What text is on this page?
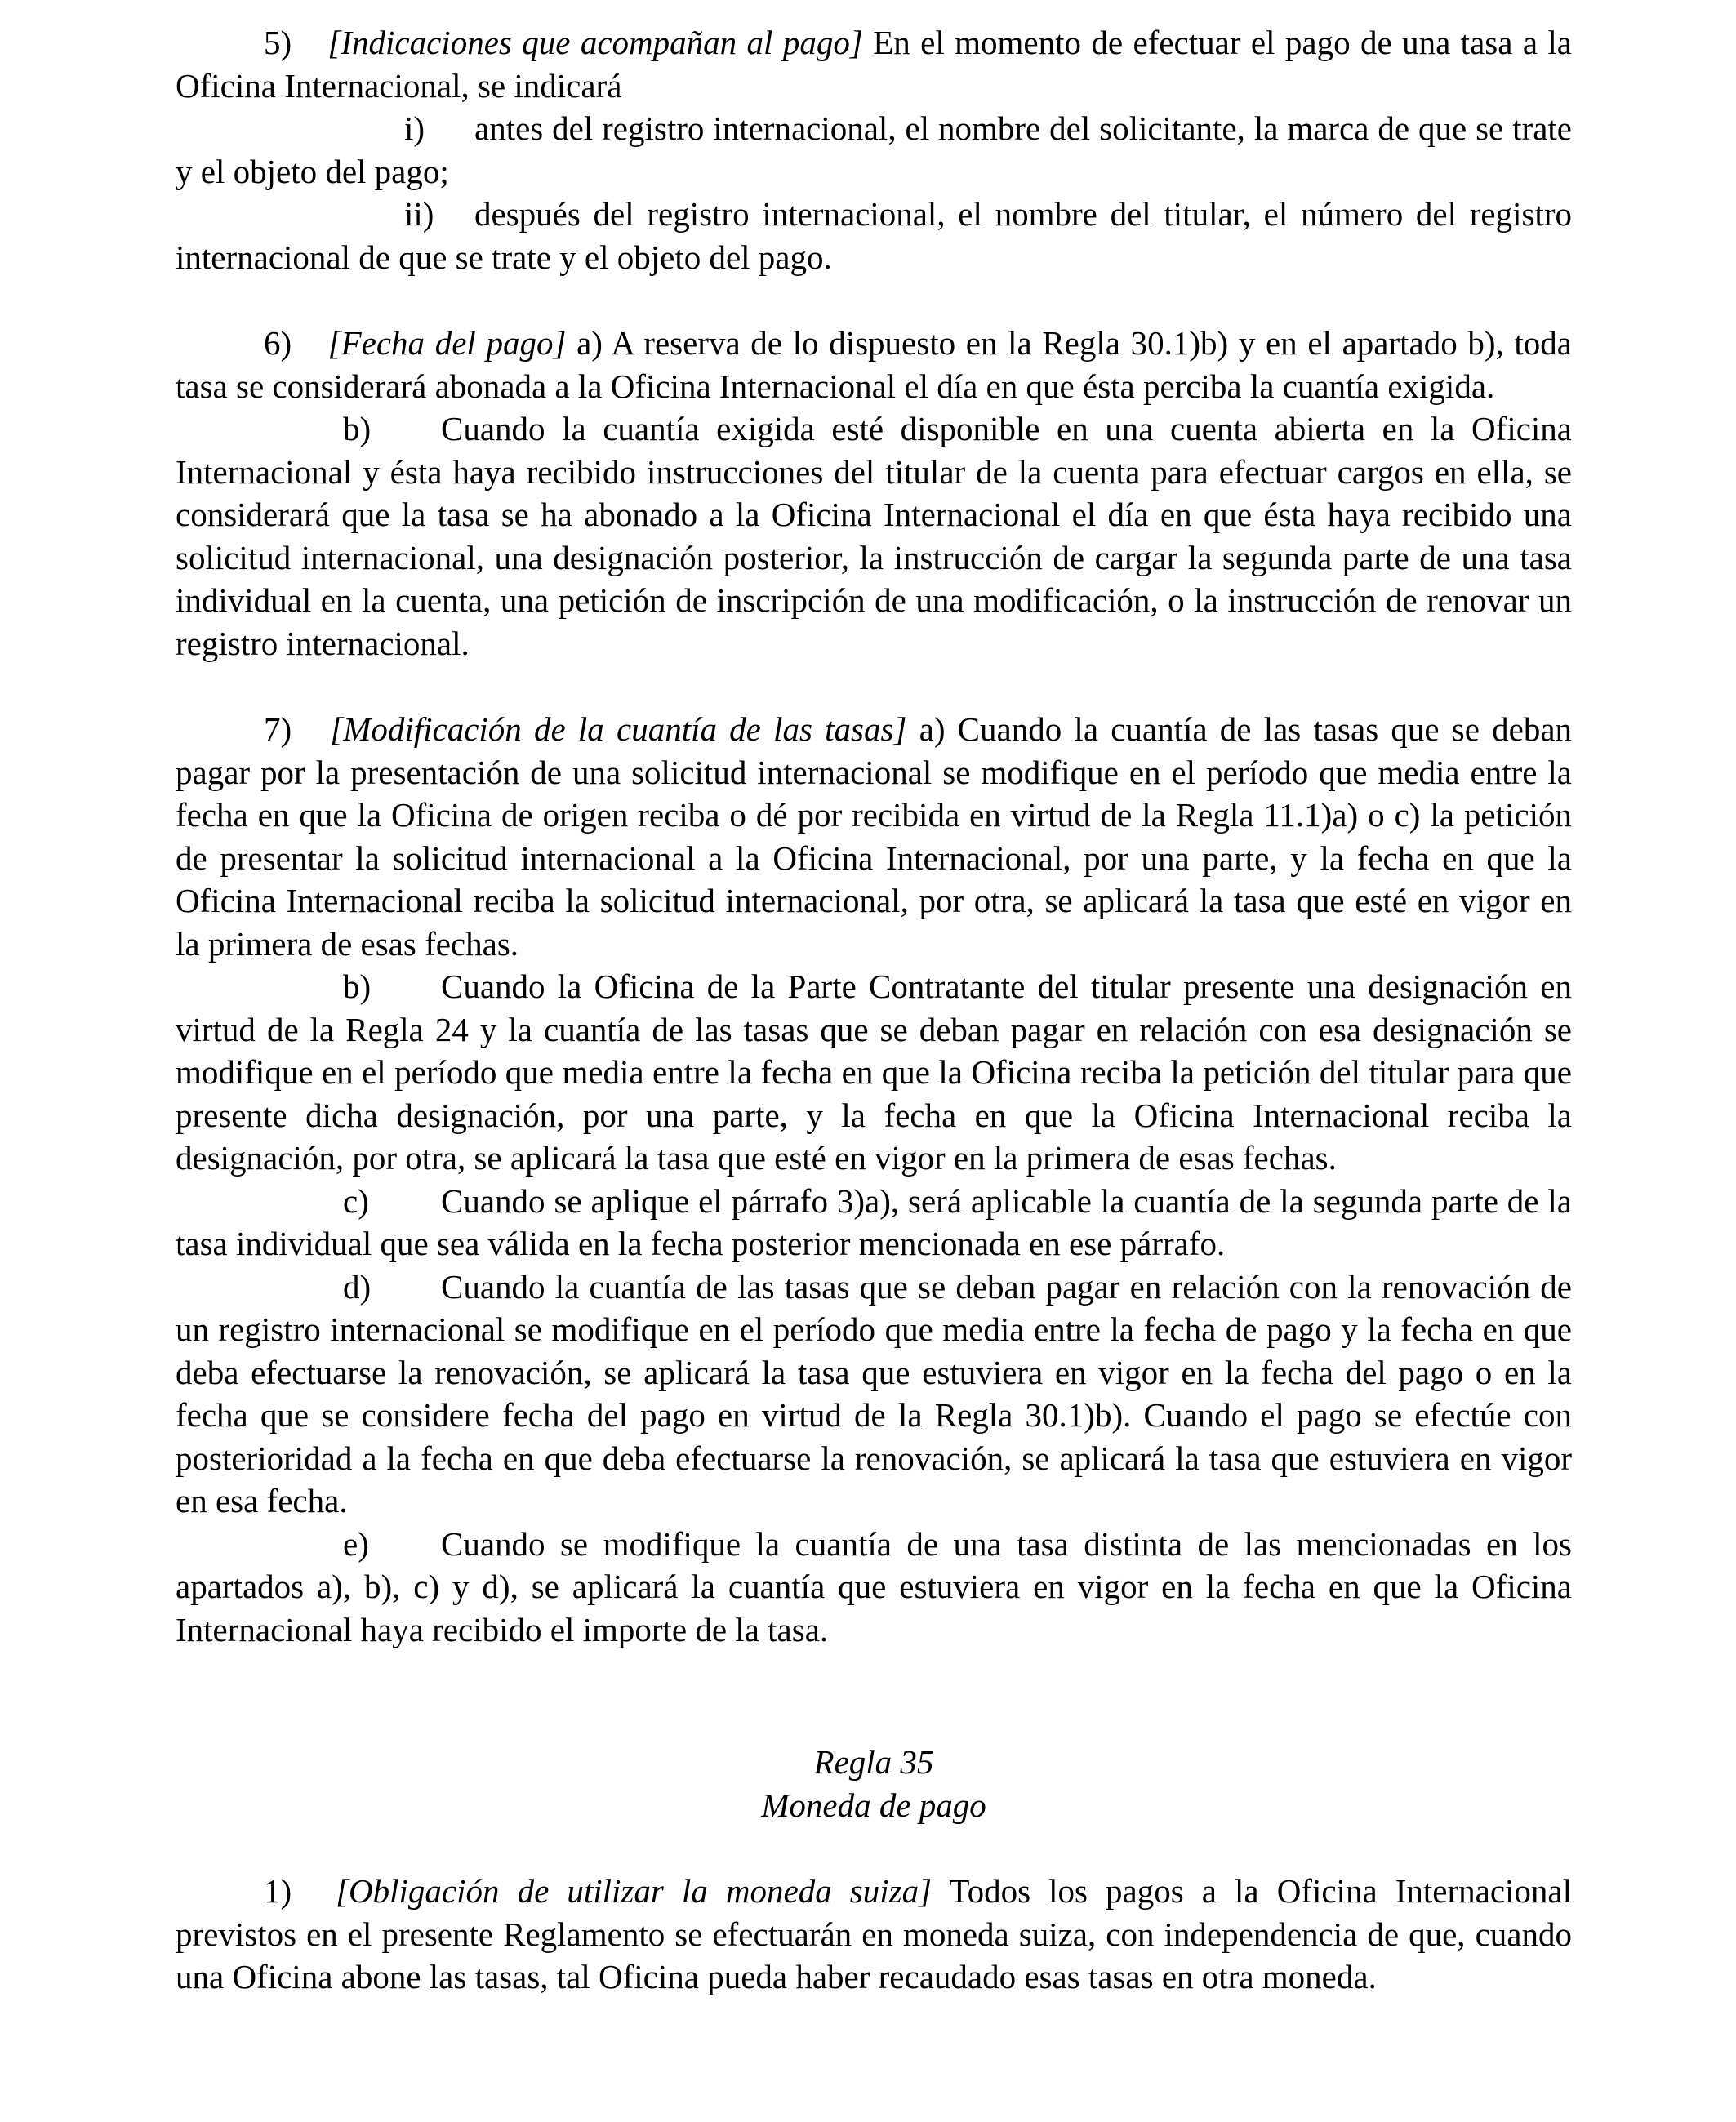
5) [Indicaciones que acompañan al pago] En el momento de efectuar el pago de una tasa a la Oficina Internacional, se indicará

i) antes del registro internacional, el nombre del solicitante, la marca de que se trate y el objeto del pago;

ii) después del registro internacional, el nombre del titular, el número del registro internacional de que se trate y el objeto del pago.

6) [Fecha del pago] a) A reserva de lo dispuesto en la Regla 30.1)b) y en el apartado b), toda tasa se considerará abonada a la Oficina Internacional el día en que ésta perciba la cuantía exigida.

b) Cuando la cuantía exigida esté disponible en una cuenta abierta en la Oficina Internacional y ésta haya recibido instrucciones del titular de la cuenta para efectuar cargos en ella, se considerará que la tasa se ha abonado a la Oficina Internacional el día en que ésta haya recibido una solicitud internacional, una designación posterior, la instrucción de cargar la segunda parte de una tasa individual en la cuenta, una petición de inscripción de una modificación, o la instrucción de renovar un registro internacional.

7) [Modificación de la cuantía de las tasas] a) Cuando la cuantía de las tasas que se deban pagar por la presentación de una solicitud internacional se modifique en el período que media entre la fecha en que la Oficina de origen reciba o dé por recibida en virtud de la Regla 11.1)a) o c) la petición de presentar la solicitud internacional a la Oficina Internacional, por una parte, y la fecha en que la Oficina Internacional reciba la solicitud internacional, por otra, se aplicará la tasa que esté en vigor en la primera de esas fechas.

b) Cuando la Oficina de la Parte Contratante del titular presente una designación en virtud de la Regla 24 y la cuantía de las tasas que se deban pagar en relación con esa designación se modifique en el período que media entre la fecha en que la Oficina reciba la petición del titular para que presente dicha designación, por una parte, y la fecha en que la Oficina Internacional reciba la designación, por otra, se aplicará la tasa que esté en vigor en la primera de esas fechas.

c) Cuando se aplique el párrafo 3)a), será aplicable la cuantía de la segunda parte de la tasa individual que sea válida en la fecha posterior mencionada en ese párrafo.

d) Cuando la cuantía de las tasas que se deban pagar en relación con la renovación de un registro internacional se modifique en el período que media entre la fecha de pago y la fecha en que deba efectuarse la renovación, se aplicará la tasa que estuviera en vigor en la fecha del pago o en la fecha que se considere fecha del pago en virtud de la Regla 30.1)b). Cuando el pago se efectúe con posterioridad a la fecha en que deba efectuarse la renovación, se aplicará la tasa que estuviera en vigor en esa fecha.

e) Cuando se modifique la cuantía de una tasa distinta de las mencionadas en los apartados a), b), c) y d), se aplicará la cuantía que estuviera en vigor en la fecha en que la Oficina Internacional haya recibido el importe de la tasa.

Regla 35

Moneda de pago

1) [Obligación de utilizar la moneda suiza] Todos los pagos a la Oficina Internacional previstos en el presente Reglamento se efectuarán en moneda suiza, con independencia de que, cuando una Oficina abone las tasas, tal Oficina pueda haber recaudado esas tasas en otra moneda.
